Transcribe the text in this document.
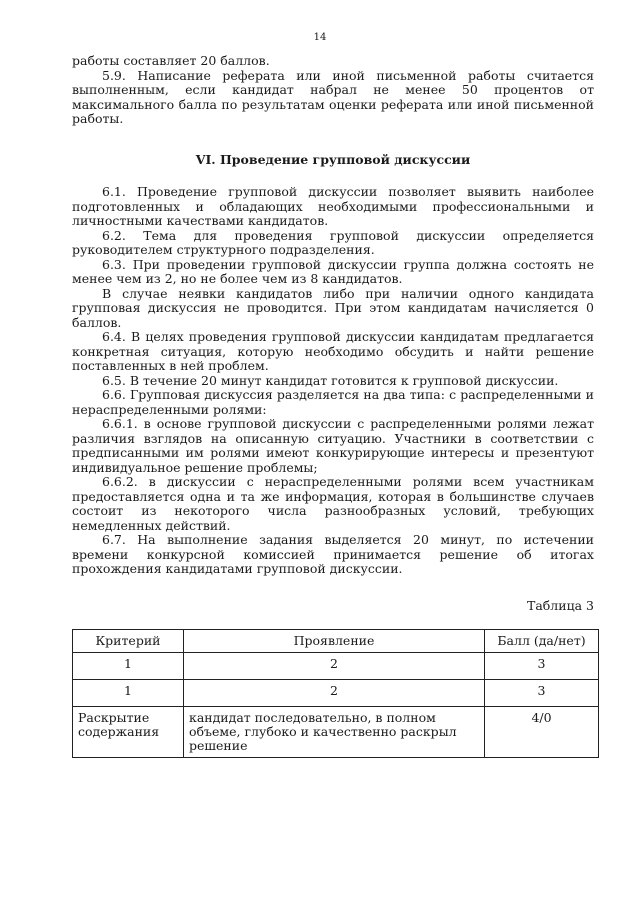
14

работы составляет 20 баллов.

5.9. Написание реферата или иной письменной работы считается выполненным, если кандидат набрал не менее 50 процентов от максимального балла по результатам оценки реферата или иной письменной работы.

VI. Проведение групповой дискуссии

6.1. Проведение групповой дискуссии позволяет выявить наиболее подготовленных и обладающих необходимыми профессиональными и личностными качествами кандидатов.

6.2. Тема для проведения групповой дискуссии определяется руководителем структурного подразделения.

6.3. При проведении групповой дискуссии группа должна состоять не менее чем из 2, но не более чем из 8 кандидатов.

В случае неявки кандидатов либо при наличии одного кандидата групповая дискуссия не проводится. При этом кандидатам начисляется 0 баллов.

6.4. В целях проведения групповой дискуссии кандидатам предлагается конкретная ситуация, которую необходимо обсудить и найти решение поставленных в ней проблем.

6.5. В течение 20 минут кандидат готовится к групповой дискуссии.

6.6. Групповая дискуссия разделяется на два типа: с распределенными и нераспределенными ролями:

6.6.1. в основе групповой дискуссии с распределенными ролями лежат различия взглядов на описанную ситуацию. Участники в соответствии с предписанными им ролями имеют конкурирующие интересы и презентуют индивидуальное решение проблемы;

6.6.2. в дискуссии с нераспределенными ролями всем участникам предоставляется одна и та же информация, которая в большинстве случаев состоит из некоторого числа разнообразных условий, требующих немедленных действий.

6.7. На выполнение задания выделяется 20 минут, по истечении времени конкурсной комиссией принимается решение об итогах прохождения кандидатами групповой дискуссии.

Таблица 3
Критерий	Проявление	Балл (да/нет)
1	2	3
1	2	3
Раскрытие содержания	кандидат последовательно, в полном объеме, глубоко и качественно раскрыл решение	4/0
